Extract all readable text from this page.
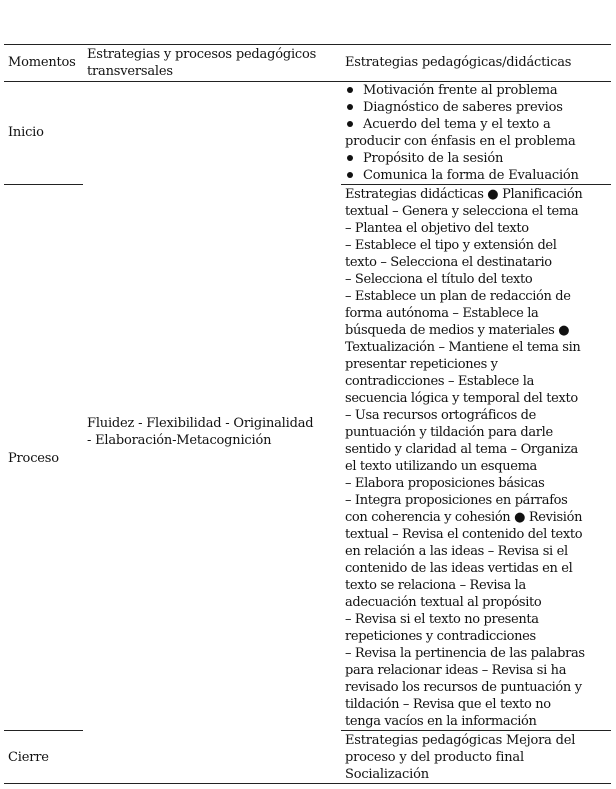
Momentos
Estrategias y procesos pedagógicos transversales
Estrategias pedagógicas/didácticas
Inicio
Motivación frente al problema
Diagnóstico de saberes previos
Acuerdo del tema y el texto a
producir con énfasis en el problema
Propósito de la sesión
Comunica la forma de Evaluación
Proceso
Fluidez - Flexibilidad - Originalidad
- Elaboración-Metacognición
Estrategias didácticas ● Planificación
textual – Genera y selecciona el tema
– Plantea el objetivo del texto
– Establece el tipo y extensión del
texto – Selecciona el destinatario
– Selecciona el título del texto
– Establece un plan de redacción de
forma autónoma – Establece la
búsqueda de medios y materiales ●
Textualización – Mantiene el tema sin
presentar repeticiones y
contradicciones – Establece la
secuencia lógica y temporal del texto
– Usa recursos ortográficos de
puntuación y tildación para darle
sentido y claridad al tema – Organiza
el texto utilizando un esquema
– Elabora proposiciones básicas
– Integra proposiciones en párrafos
con coherencia y cohesión ● Revisión
textual – Revisa el contenido del texto
en relación a las ideas – Revisa si el
contenido de las ideas vertidas en el
texto se relaciona – Revisa la
adecuación textual al propósito
– Revisa si el texto no presenta
repeticiones y contradicciones
– Revisa la pertinencia de las palabras
para relacionar ideas – Revisa si ha
revisado los recursos de puntuación y
tildación – Revisa que el texto no
tenga vacíos en la información
Cierre
Estrategias pedagógicas Mejora del
proceso y del producto final
Socialización
